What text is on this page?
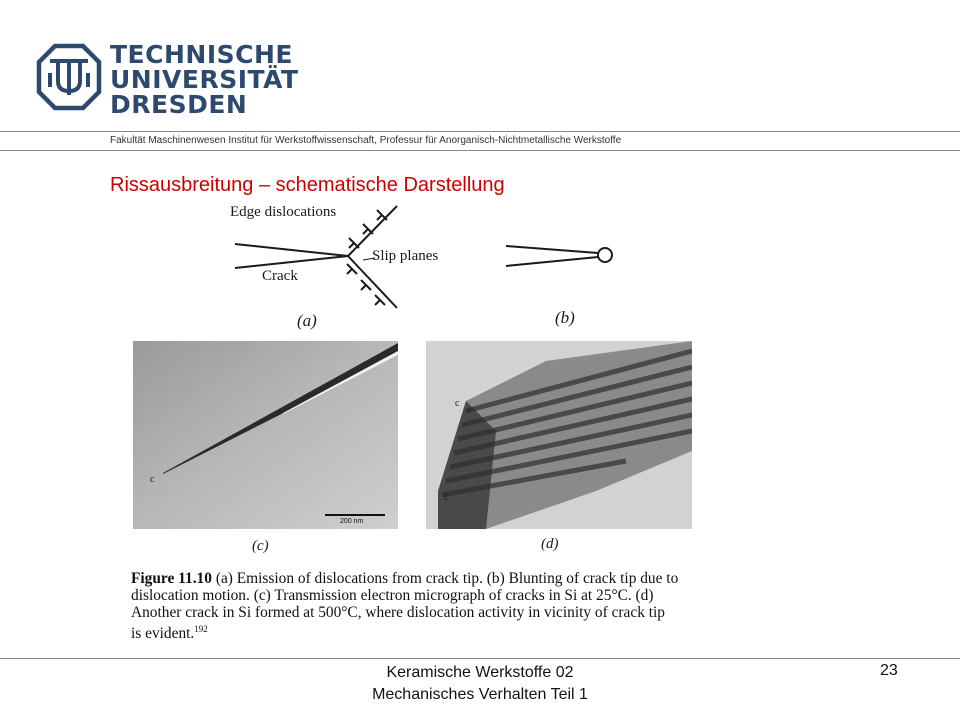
TECHNISCHE
UNIVERSITÄT
DRESDEN
Fakultät Maschinenwesen Institut für Werkstoffwissenschaft, Professur für Anorganisch-Nichtmetallische Werkstoffe
Rissausbreitung – schematische Darstellung
Edge dislocations
Slip planes
Crack
(a)	(b)
c
200 nm
(c)
c
c
(d)
Figure 11.10 (a) Emission of dislocations from crack tip. (b) Blunting of crack tip due to
dislocation motion. (c) Transmission electron micrograph of cracks in Si at 25°C. (d)
Another crack in Si formed at 500°C, where dislocation activity in vicinity of crack tip
is evident.$^{192}$
Keramische Werkstoffe 02
Mechanisches Verhalten Teil 1
23
